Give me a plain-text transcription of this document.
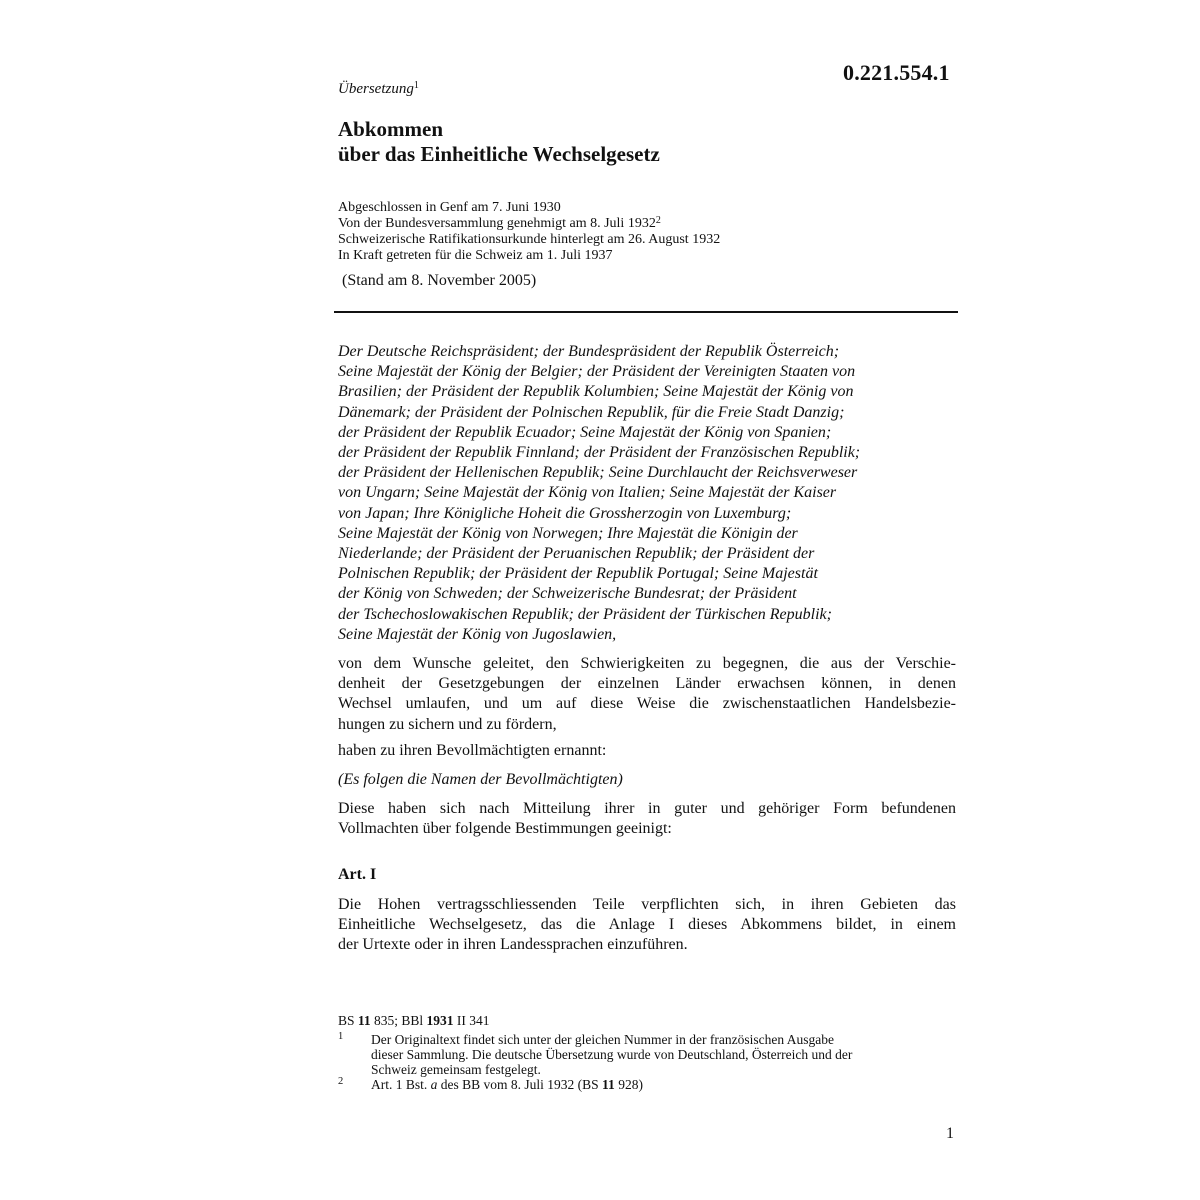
0.221.554.1
Übersetzung$^1$
Abkommen
über das Einheitliche Wechselgesetz
Abgeschlossen in Genf am 7. Juni 1930
Von der Bundesversammlung genehmigt am 8. Juli 1932$^2$
Schweizerische Ratifikationsurkunde hinterlegt am 26. August 1932
In Kraft getreten für die Schweiz am 1. Juli 1937
(Stand am 8. November 2005)
Der Deutsche Reichspräsident; der Bundespräsident der Republik Österreich;
Seine Majestät der König der Belgier; der Präsident der Vereinigten Staaten von
Brasilien; der Präsident der Republik Kolumbien; Seine Majestät der König von
Dänemark; der Präsident der Polnischen Republik, für die Freie Stadt Danzig;
der Präsident der Republik Ecuador; Seine Majestät der König von Spanien;
der Präsident der Republik Finnland; der Präsident der Französischen Republik;
der Präsident der Hellenischen Republik; Seine Durchlaucht der Reichsverweser
von Ungarn; Seine Majestät der König von Italien; Seine Majestät der Kaiser
von Japan; Ihre Königliche Hoheit die Grossherzogin von Luxemburg;
Seine Majestät der König von Norwegen; Ihre Majestät die Königin der
Niederlande; der Präsident der Peruanischen Republik; der Präsident der
Polnischen Republik; der Präsident der Republik Portugal; Seine Majestät
der König von Schweden; der Schweizerische Bundesrat; der Präsident
der Tschechoslowakischen Republik; der Präsident der Türkischen Republik;
Seine Majestät der König von Jugoslawien,
von dem Wunsche geleitet, den Schwierigkeiten zu begegnen, die aus der Verschie-
denheit der Gesetzgebungen der einzelnen Länder erwachsen können, in denen
Wechsel umlaufen, und um auf diese Weise die zwischenstaatlichen Handelsbezie-
hungen zu sichern und zu fördern,
haben zu ihren Bevollmächtigten ernannt:
(Es folgen die Namen der Bevollmächtigten)
Diese haben sich nach Mitteilung ihrer in guter und gehöriger Form befundenen
Vollmachten über folgende Bestimmungen geeinigt:
Art. I
Die Hohen vertragsschliessenden Teile verpflichten sich, in ihren Gebieten das
Einheitliche Wechselgesetz, das die Anlage I dieses Abkommens bildet, in einem
der Urtexte oder in ihren Landessprachen einzuführen.
BS 11 835; BBl 1931 II 341
1 Der Originaltext findet sich unter der gleichen Nummer in der französischen Ausgabe
dieser Sammlung. Die deutsche Übersetzung wurde von Deutschland, Österreich und der
Schweiz gemeinsam festgelegt.
2 Art. 1 Bst. a des BB vom 8. Juli 1932 (BS 11 928)
1
